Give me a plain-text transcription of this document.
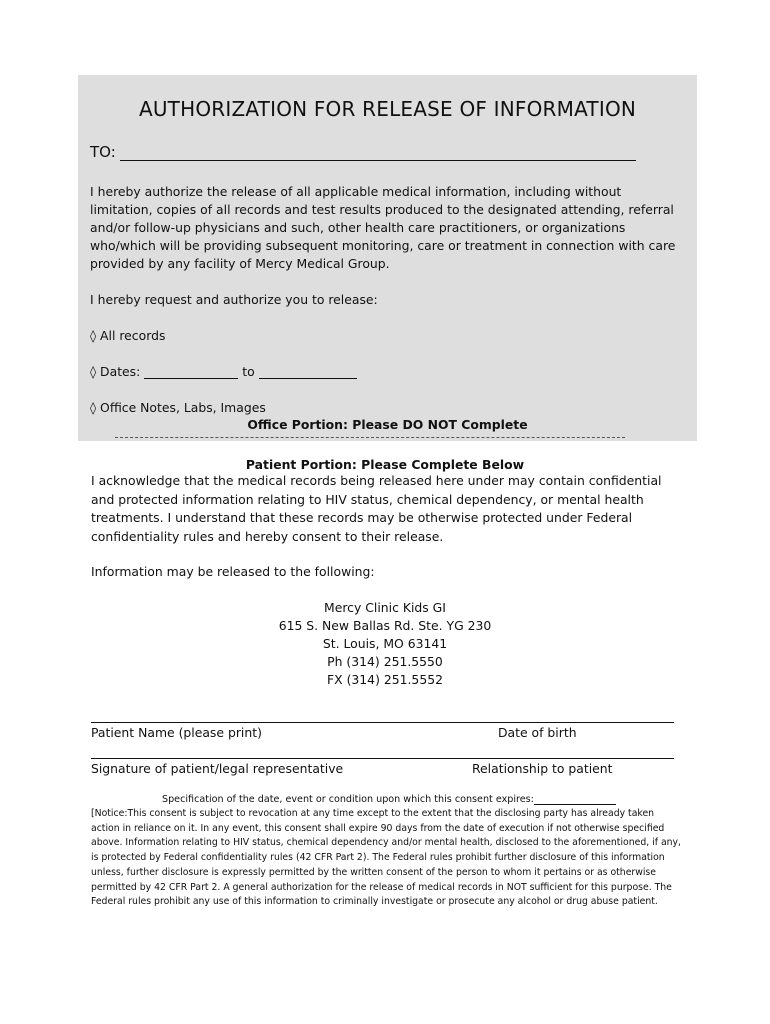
AUTHORIZATION FOR RELEASE OF INFORMATION
TO:
I hereby authorize the release of all applicable medical information, including without limitation, copies of all records and test results produced to the designated attending, referral and/or follow-up physicians and such, other health care practitioners, or organizations who/which will be providing subsequent monitoring, care or treatment in connection with care provided by any facility of Mercy Medical Group.
I hereby request and authorize you to release:
◊ All records
◊ Dates:	to
◊ Office Notes, Labs, Images
Office Portion: Please DO NOT Complete
Patient Portion: Please Complete Below
I acknowledge that the medical records being released here under may contain confidential and protected information relating to HIV status, chemical dependency, or mental health treatments. I understand that these records may be otherwise protected under Federal confidentiality rules and hereby consent to their release.
Information may be released to the following:
Mercy Clinic Kids GI
615 S. New Ballas Rd. Ste. YG 230
St. Louis, MO 63141
Ph (314) 251.5550
FX (314) 251.5552
Patient Name (please print)	Date of birth
Signature of patient/legal representative	Relationship to patient
Specification of the date, event or condition upon which this consent expires:
[Notice:This consent is subject to revocation at any time except to the extent that the disclosing party has already taken action in reliance on it. In any event, this consent shall expire 90 days from the date of execution if not otherwise specified above. Information relating to HIV status, chemical dependency and/or mental health, disclosed to the aforementioned, if any, is protected by Federal confidentiality rules (42 CFR Part 2). The Federal rules prohibit further disclosure of this information unless, further disclosure is expressly permitted by the written consent of the person to whom it pertains or as otherwise permitted by 42 CFR Part 2. A general authorization for the release of medical records in NOT sufficient for this purpose. The Federal rules prohibit any use of this information to criminally investigate or prosecute any alcohol or drug abuse patient.
